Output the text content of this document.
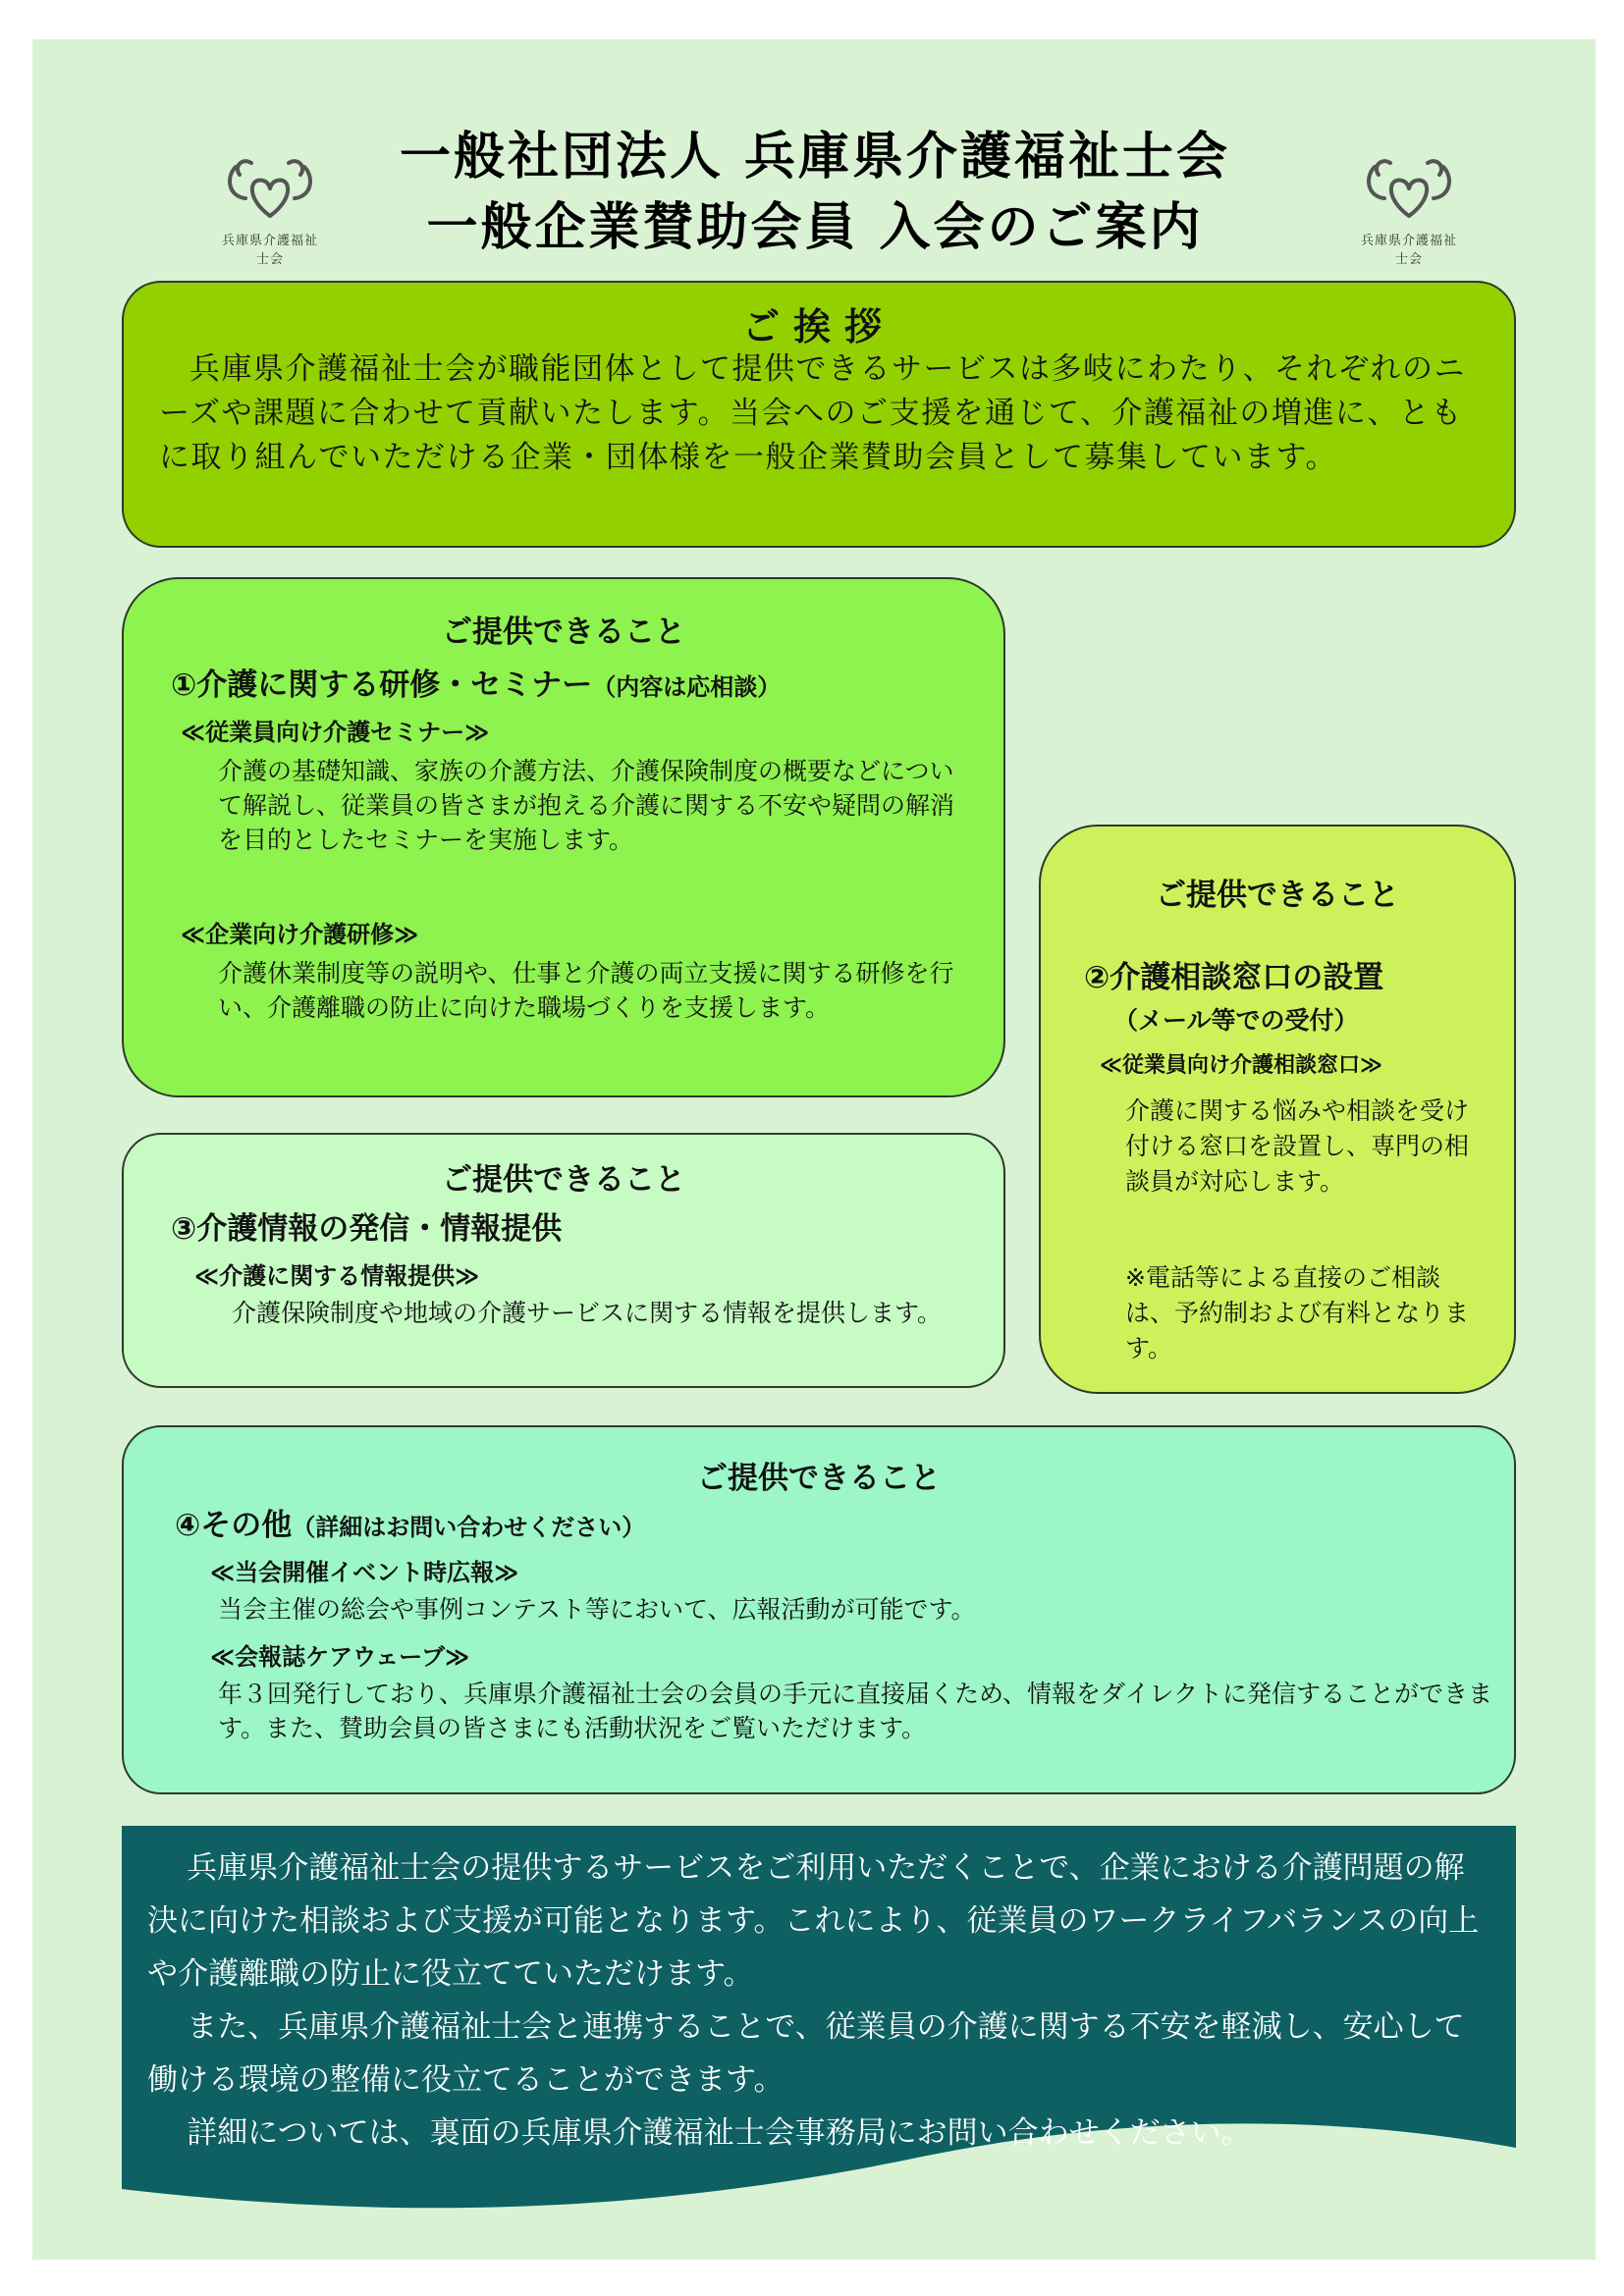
兵庫県介護福祉士会
兵庫県介護福祉士会
一般社団法人 兵庫県介護福祉士会
一般企業賛助会員 入会のご案内
ご挨拶
兵庫県介護福祉士会が職能団体として提供できるサービスは多岐にわたり、それぞれのニーズや課題に合わせて貢献いたします。当会へのご支援を通じて、介護福祉の増進に、ともに取り組んでいただける企業・団体様を一般企業賛助会員として募集しています。
ご提供できること
①介護に関する研修・セミナー（内容は応相談）
≪従業員向け介護セミナー≫
介護の基礎知識、家族の介護方法、介護保険制度の概要などについて解説し、従業員の皆さまが抱える介護に関する不安や疑問の解消を目的としたセミナーを実施します。
≪企業向け介護研修≫
介護休業制度等の説明や、仕事と介護の両立支援に関する研修を行い、介護離職の防止に向けた職場づくりを支援します。
ご提供できること
②介護相談窓口の設置
（メール等での受付）
≪従業員向け介護相談窓口≫
介護に関する悩みや相談を受け付ける窓口を設置し、専門の相談員が対応します。
※電話等による直接のご相談は、予約制および有料となります。
ご提供できること
③介護情報の発信・情報提供
≪介護に関する情報提供≫
介護保険制度や地域の介護サービスに関する情報を提供します。
ご提供できること
④その他（詳細はお問い合わせください）
≪当会開催イベント時広報≫
当会主催の総会や事例コンテスト等において、広報活動が可能です。
≪会報誌ケアウェーブ≫
年３回発行しており、兵庫県介護福祉士会の会員の手元に直接届くため、情報をダイレクトに発信することができます。また、賛助会員の皆さまにも活動状況をご覧いただけます。

兵庫県介護福祉士会の提供するサービスをご利用いただくことで、企業における介護問題の解決に向けた相談および支援が可能となります。これにより、従業員のワークライフバランスの向上や介護離職の防止に役立てていただけます。

また、兵庫県介護福祉士会と連携することで、従業員の介護に関する不安を軽減し、安心して働ける環境の整備に役立てることができます。

詳細については、裏面の兵庫県介護福祉士会事務局にお問い合わせください。
